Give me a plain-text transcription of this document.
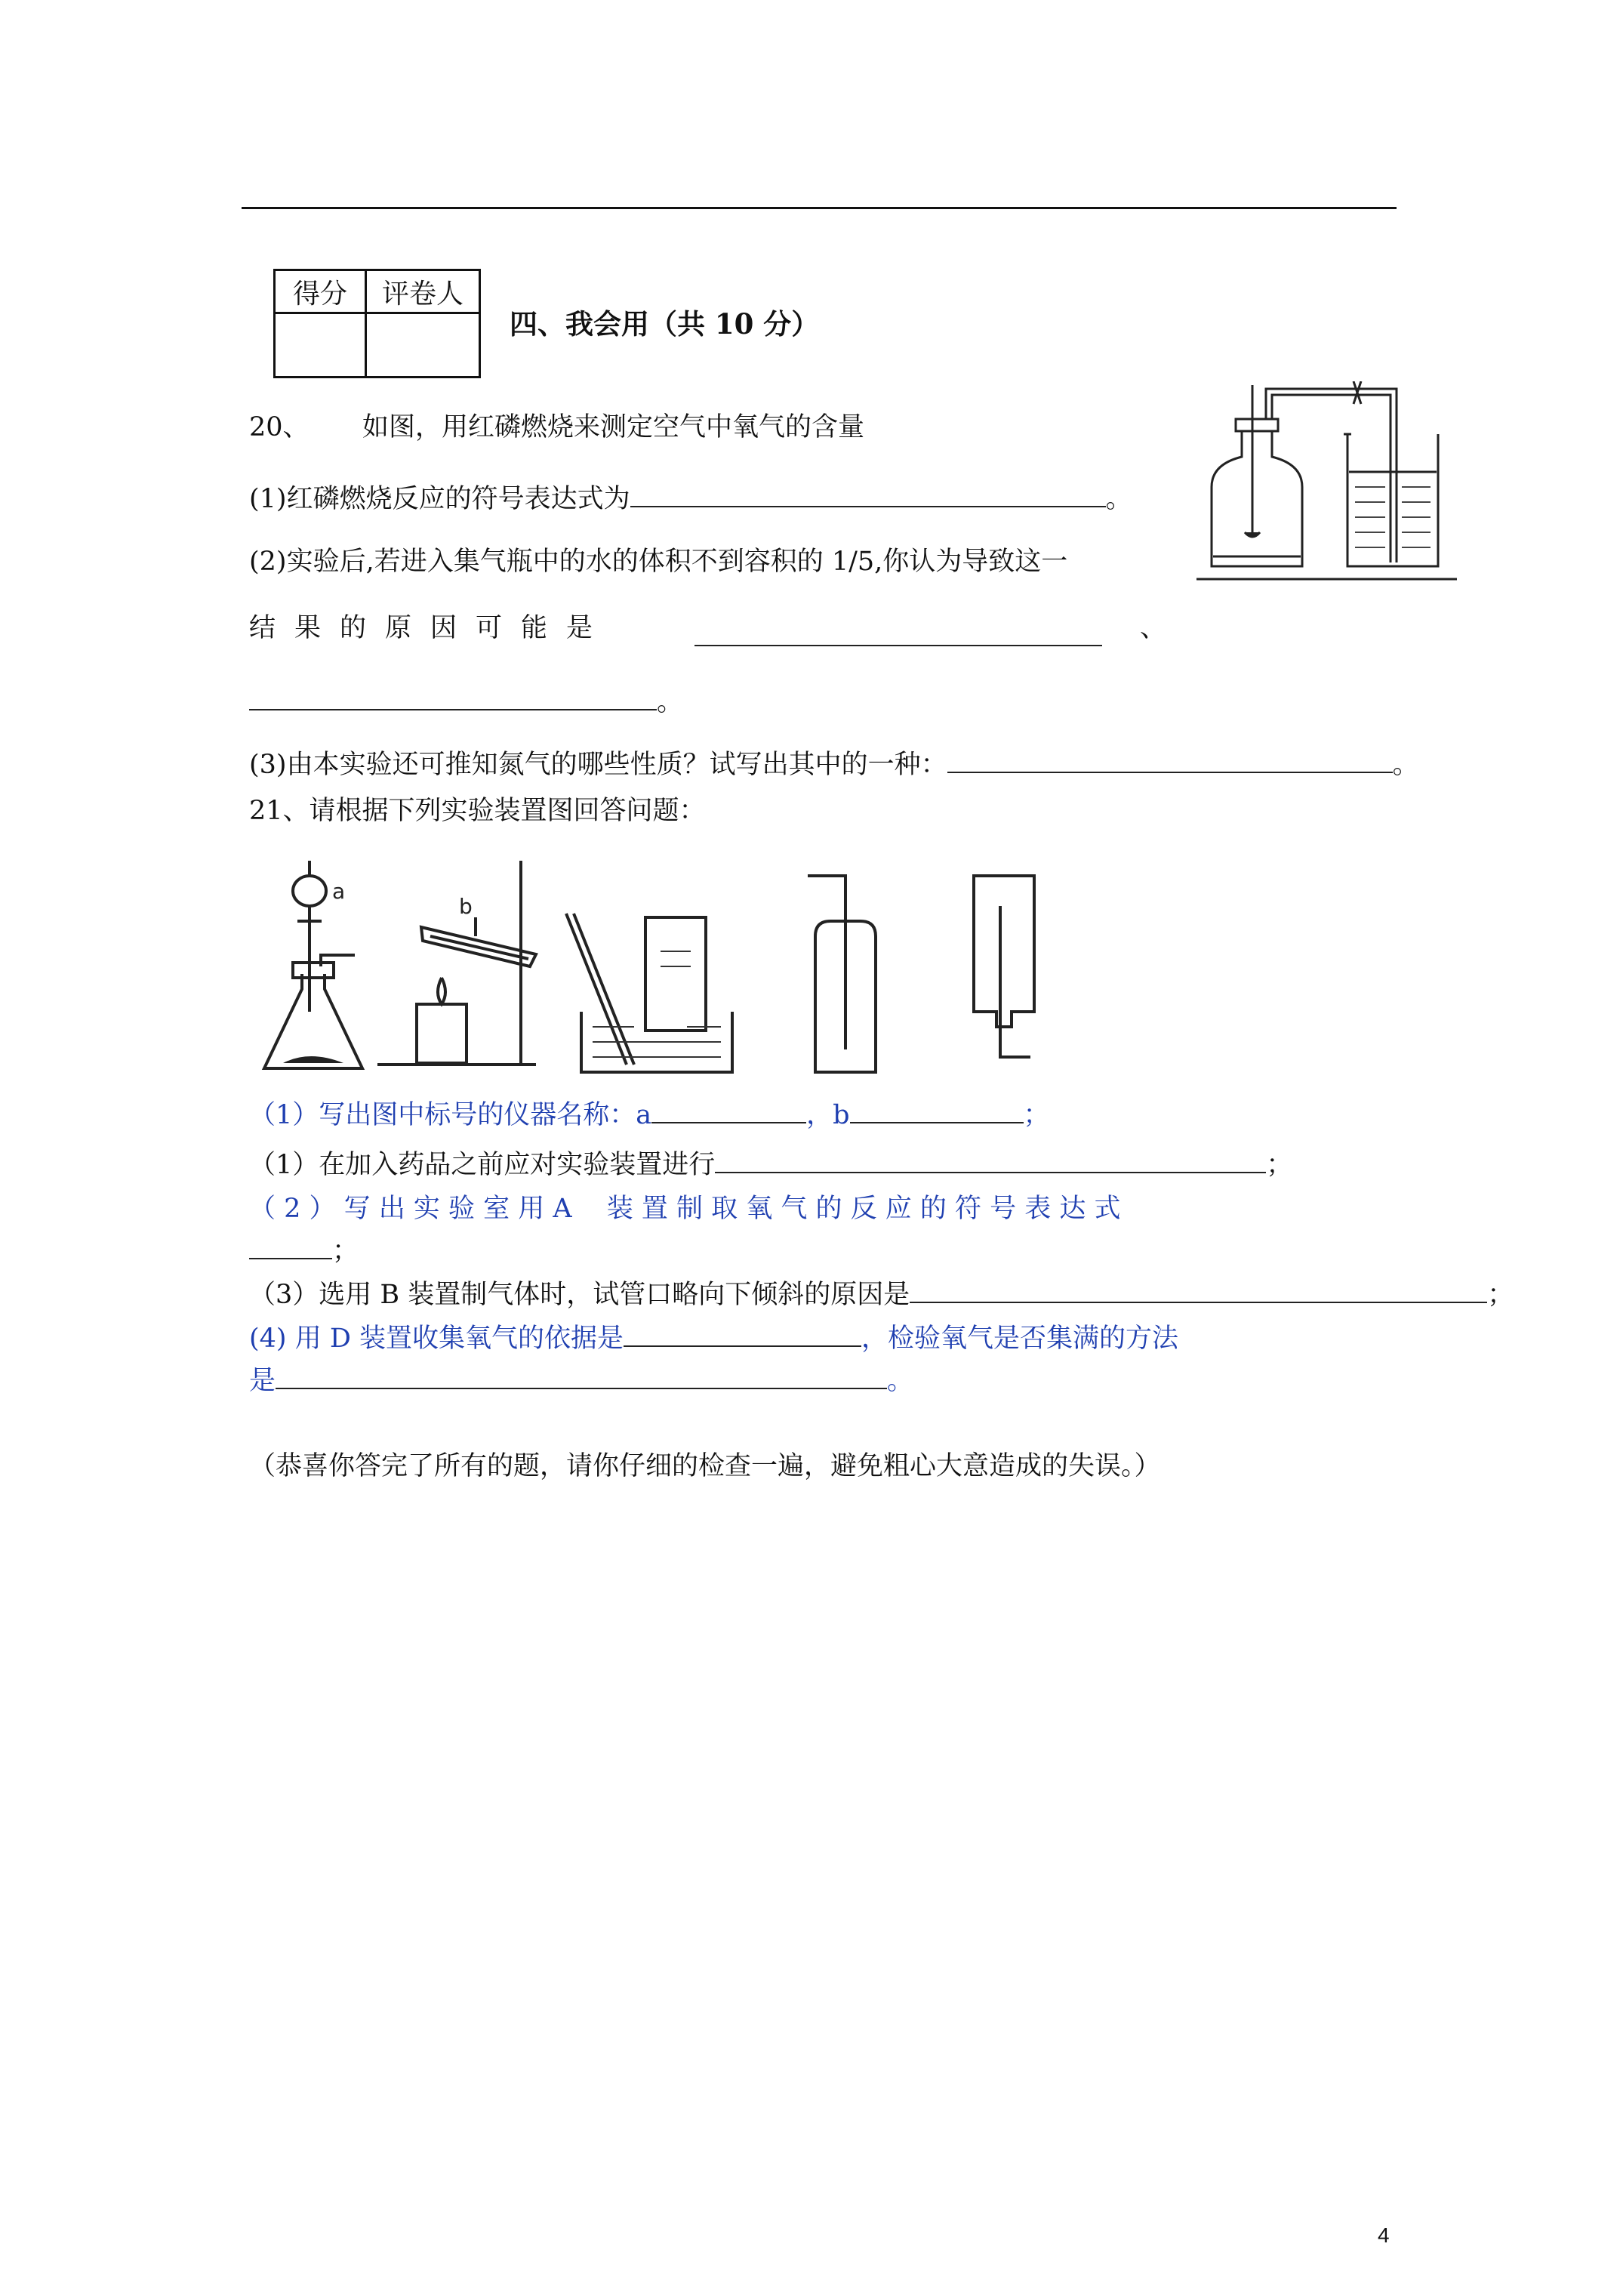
得分	评卷人

四、我会用（共 10 分）
20、 如图，用红磷燃烧来测定空气中氧气的含量
(1)红磷燃烧反应的符号表达式为	。
(2)实验后,若进入集气瓶中的水的体积不到容积的 1/5,你认为导致这一
结果的原因可能是	、
。
(3)由本实验还可推知氮气的哪些性质？试写出其中的一种：	。
21、请根据下列实验装置图回答问题：
a
b
（1）写出图中标号的仪器名称：a	，b	；
（1）在加入药品之前应对实验装置进行	；
（ 2 ） 写 出 实 验 室 用 A　 装 置 制 取 氧 气 的 反 应 的 符 号 表 达 式
；
（3）选用 B 装置制气体时，试管口略向下倾斜的原因是	；
(4) 用 D 装置收集氧气的依据是	，检验氧气是否集满的方法
是	。
（恭喜你答完了所有的题，请你仔细的检查一遍，避免粗心大意造成的失误。）
4
